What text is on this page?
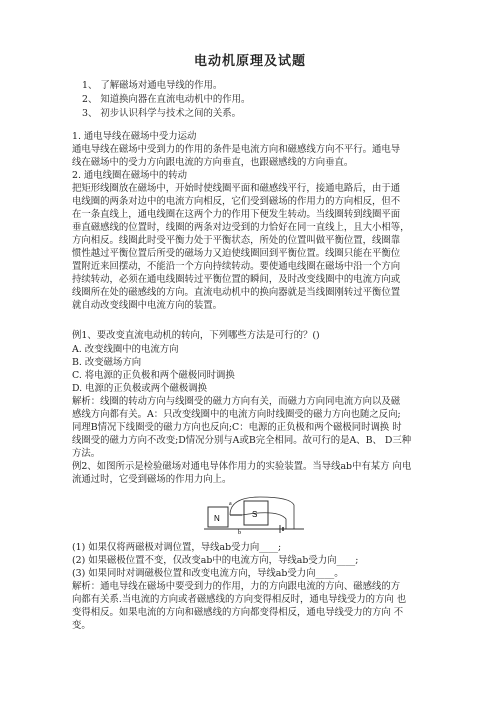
电动机原理及试题
1、 了解磁场对通电导线的作用。
2、 知道换向器在直流电动机中的作用。
3、 初步认识科学与技术之间的关系。
1. 通电导线在磁场中受力运动
通电导线在磁场中受到力的作用的条件是电流方向和磁感线方向不平行。通电导
线在磁场中的受力方向跟电流的方向垂直，也跟磁感线的方向垂直。
2. 通电线圈在磁场中的转动
把矩形线圈放在磁场中，开始时使线圈平面和磁感线平行，接通电路后，由于通
电线圈的两条对边中的电流方向相反，它们受到磁场的作用力的方向相反，但不
在一条直线上，通电线圈在这两个力的作用下便发生转动。当线圈转到线圈平面
垂直磁感线的位置时，线圈的两条对边受到的力恰好在同一直线上，且大小相等，
方向相反。线圈此时受平衡力处于平衡状态，所处的位置叫做平衡位置，线圈靠
惯性越过平衡位置后所受的磁场力又迫使线圈回到平衡位置。线圈只能在平衡位
置附近来回摆动，不能沿一个方向持续转动。要使通电线圈在磁场中沿一个方向
持续转动，必须在通电线圈转过平衡位置的瞬间，及时改变线圈中的电流方向或
线圈所在处的磁感线的方向。直流电动机中的换向器就是当线圈刚转过平衡位置
就自动改变线圈中电流方向的装置。
例1、要改变直流电动机的转向，下列哪些方法是可行的？()
A. 改变线圈中的电流方向
B. 改变磁场方向
C. 将电源的正负极和两个磁极同时调换
D. 电源的正负极或两个磁极调换
解析：线圈的转动方向与线圈受的磁力方向有关，而磁力方向同电流方向以及磁
感线方向都有关。A：只改变线圈中的电流方向时线圈受的磁力方向也随之反向;
同理B情况下线圈受的磁力方向也反向;C：电源的正负极和两个磁极同时调换 时
线圈受的磁力方向不改变;D情况分别与A或B完全相同。故可行的是A、B、 D三种
方法。
例2、如图所示是检验磁场对通电导体作用力的实验装置。当导线ab中有某方 向电
流通过时，它受到磁场的作用力向上。
N	S
a
b
(1) 如果仅将两磁极对调位置，导线ab受力向____;
(2) 如果磁极位置不变，仅改变ab中的电流方向，导线ab受力向____;
(3) 如果同时对调磁极位置和改变电流方向，导线ab受力向____。
解析：通电导线在磁场中要受到力的作用，力的方向跟电流的方向、磁感线的方
向都有关系.当电流的方向或者磁感线的方向变得相反时，通电导线受力的方向 也
变得相反。如果电流的方向和磁感线的方向都变得相反，通电导线受力的方向 不
变。
